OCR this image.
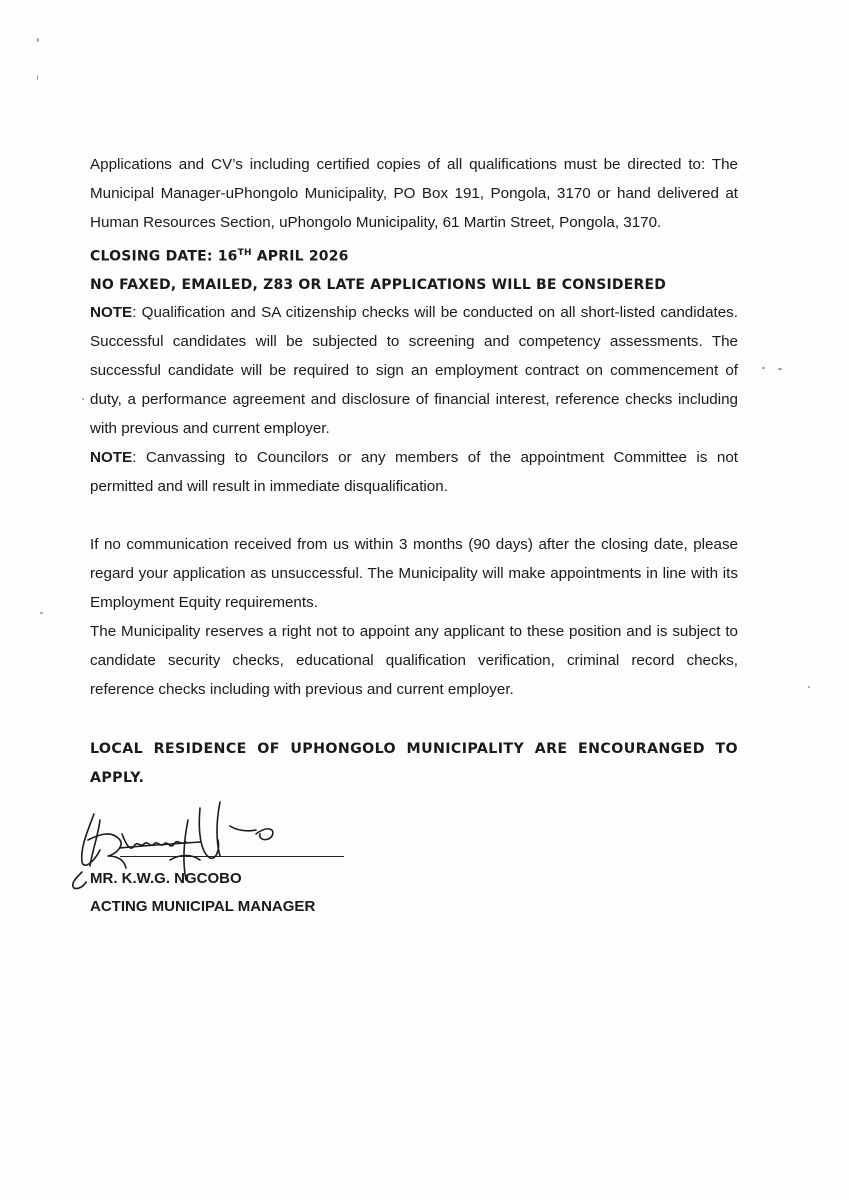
Applications and CV’s including certified copies of all qualifications must be directed to: The Municipal Manager-uPhongolo Municipality, PO Box 191, Pongola, 3170 or hand delivered at Human Resources Section, uPhongolo Municipality, 61 Martin Street, Pongola, 3170.

CLOSING DATE: 16TH APRIL 2026

NO FAXED, EMAILED, Z83 OR LATE APPLICATIONS WILL BE CONSIDERED

NOTE: Qualification and SA citizenship checks will be conducted on all short-listed candidates. Successful candidates will be subjected to screening and competency assessments. The successful candidate will be required to sign an employment contract on commencement of duty, a performance agreement and disclosure of financial interest, reference checks including with previous and current employer.

NOTE: Canvassing to Councilors or any members of the appointment Committee is not permitted and will result in immediate disqualification.

If no communication received from us within 3 months (90 days) after the closing date, please regard your application as unsuccessful. The Municipality will make appointments in line with its Employment Equity requirements.

The Municipality reserves a right not to appoint any applicant to these position and is subject to candidate security checks, educational qualification verification, criminal record checks, reference checks including with previous and current employer.

LOCAL RESIDENCE OF UPHONGOLO MUNICIPALITY ARE ENCOURANGED TO APPLY.

MR. K.W.G. NGCOBO
ACTING MUNICIPAL MANAGER
